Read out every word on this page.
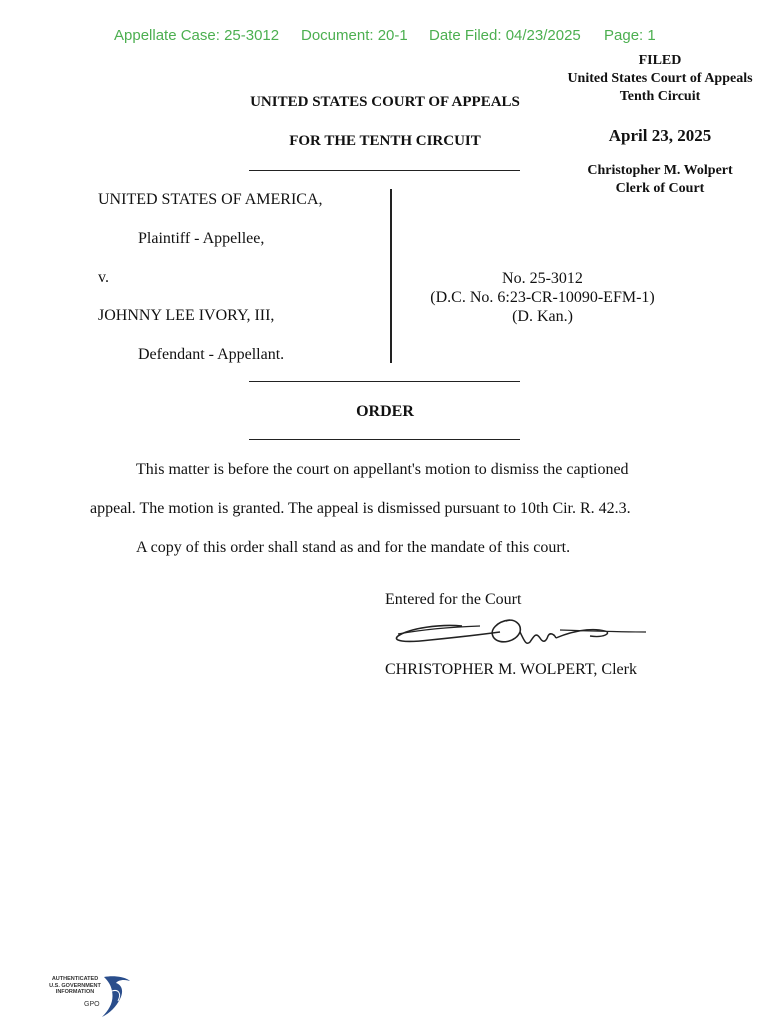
Appellate Case: 25-3012 Document: 20-1 Date Filed: 04/23/2025 Page: 1
FILED
United States Court of Appeals
Tenth Circuit
April 23, 2025
Christopher M. Wolpert
Clerk of Court
UNITED STATES COURT OF APPEALS
FOR THE TENTH CIRCUIT
UNITED STATES OF AMERICA,
Plaintiff - Appellee,
v.
JOHNNY LEE IVORY, III,
Defendant - Appellant.
No. 25-3012
(D.C. No. 6:23-CR-10090-EFM-1)
(D. Kan.)
ORDER
This matter is before the court on appellant's motion to dismiss the captioned
appeal. The motion is granted. The appeal is dismissed pursuant to 10th Cir. R. 42.3.
A copy of this order shall stand as and for the mandate of this court.
Entered for the Court
CHRISTOPHER M. WOLPERT, Clerk
AUTHENTICATED
U.S. GOVERNMENT
INFORMATION
GPO
